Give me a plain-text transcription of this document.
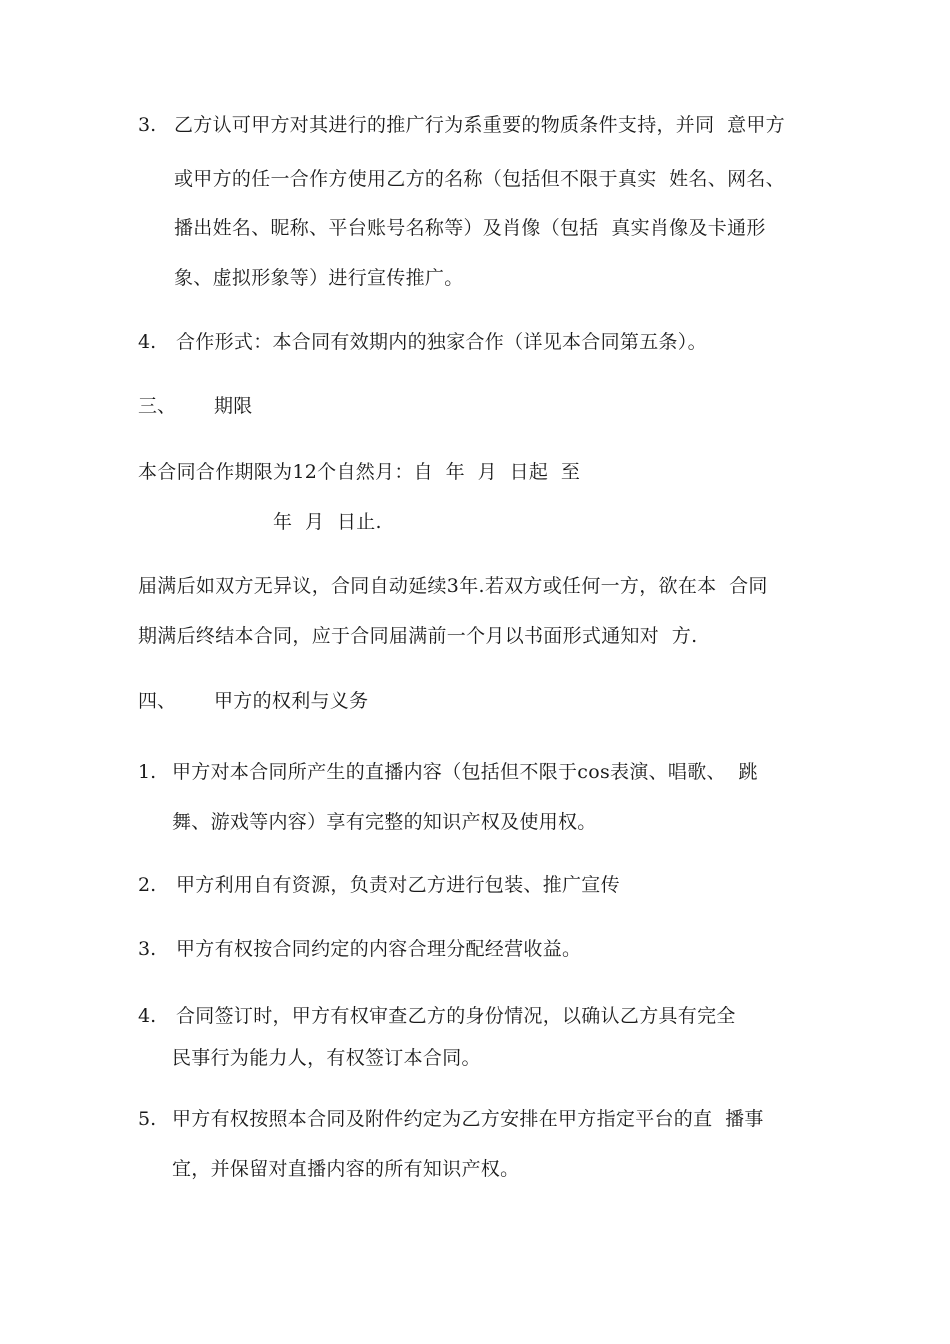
3. 乙方认可甲方对其进行的推广行为系重要的物质条件支持，并同  意甲方
或甲方的任一合作方使用乙方的名称（包括但不限于真实  姓名、网名、
播出姓名、昵称、平台账号名称等）及肖像（包括  真实肖像及卡通形
象、虚拟形象等）进行宣传推广。
4. 合作形式：本合同有效期内的独家合作（详见本合同第五条）。
三、 期限
本合同合作期限为12个自然月：自  年  月  日起  至
年  月  日止.
届满后如双方无异议，合同自动延续3年.若双方或任何一方，欲在本  合同
期满后终结本合同，应于合同届满前一个月以书面形式通知对  方.
四、 甲方的权利与义务
1. 甲方对本合同所产生的直播内容（包括但不限于cos表演、唱歌、  跳
舞、游戏等内容）享有完整的知识产权及使用权。
2. 甲方利用自有资源，负责对乙方进行包装、推广宣传
3. 甲方有权按合同约定的内容合理分配经营收益。
4. 合同签订时，甲方有权审查乙方的身份情况，以确认乙方具有完全
民事行为能力人，有权签订本合同。
5. 甲方有权按照本合同及附件约定为乙方安排在甲方指定平台的直  播事
宜，并保留对直播内容的所有知识产权。
